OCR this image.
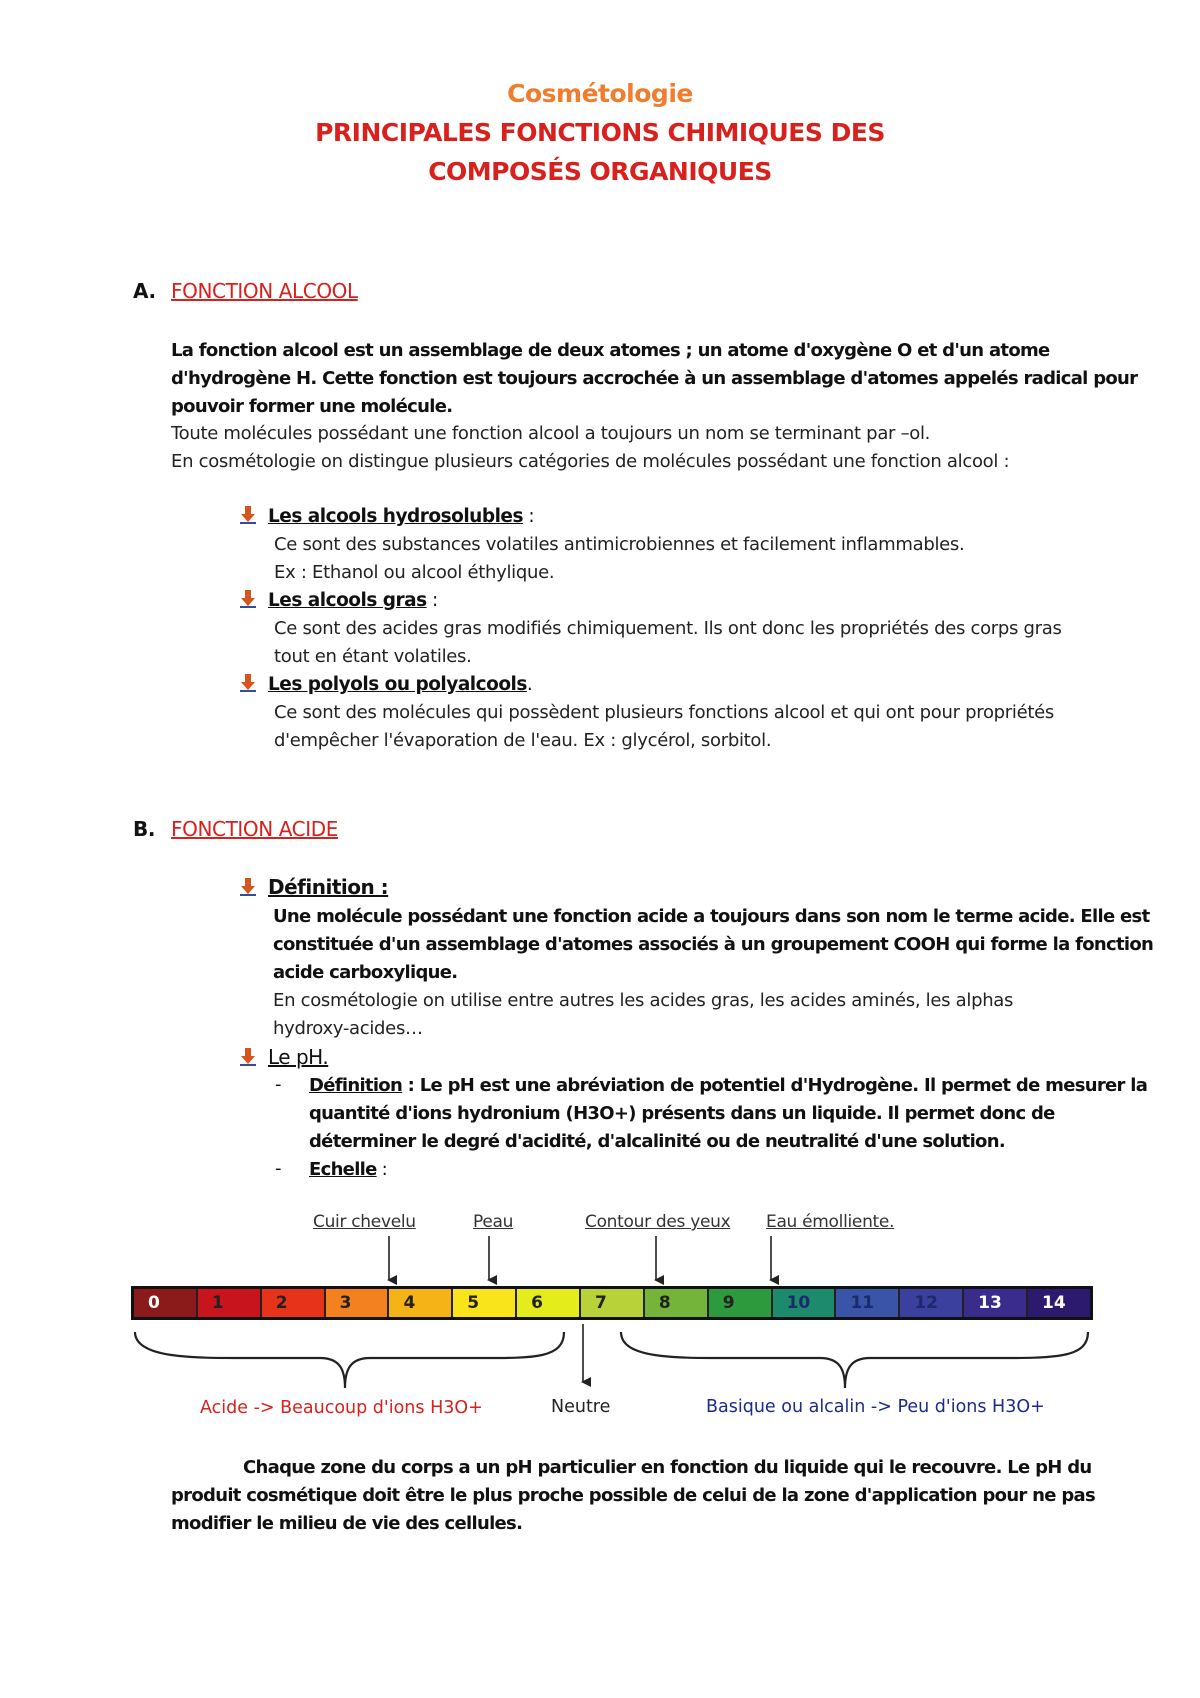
Cosmétologie
PRINCIPALES FONCTIONS CHIMIQUES DES
COMPOSÉS ORGANIQUES
A. FONCTION ALCOOL
La fonction alcool est un assemblage de deux atomes ; un atome d'oxygène O et d'un atome
d'hydrogène H. Cette fonction est toujours accrochée à un assemblage d'atomes appelés radical pour
pouvoir former une molécule.
Toute molécules possédant une fonction alcool a toujours un nom se terminant par –ol.
En cosmétologie on distingue plusieurs catégories de molécules possédant une fonction alcool :
Les alcools hydrosolubles :
Ce sont des substances volatiles antimicrobiennes et facilement inflammables.
Ex : Ethanol ou alcool éthylique.
Les alcools gras :
Ce sont des acides gras modifiés chimiquement. Ils ont donc les propriétés des corps gras
tout en étant volatiles.
Les polyols ou polyalcools.
Ce sont des molécules qui possèdent plusieurs fonctions alcool et qui ont pour propriétés
d'empêcher l'évaporation de l'eau. Ex : glycérol, sorbitol.
B. FONCTION ACIDE
Définition :
Une molécule possédant une fonction acide a toujours dans son nom le terme acide. Elle est
constituée d'un assemblage d'atomes associés à un groupement COOH qui forme la fonction
acide carboxylique.
En cosmétologie on utilise entre autres les acides gras, les acides aminés, les alphas
hydroxy-acides…
Le pH.
- Définition : Le pH est une abréviation de potentiel d'Hydrogène. Il permet de mesurer la
quantité d'ions hydronium (H3O+) présents dans un liquide. Il permet donc de
déterminer le degré d'acidité, d'alcalinité ou de neutralité d'une solution.
- Echelle :
Cuir chevelu	Peau	Contour des yeux Eau émolliente.
0	1	2	3	4	5	6	7	8	9	10	11	12	13	14
Acide -> Beaucoup d'ions H3O+	Neutre	Basique ou alcalin -> Peu d'ions H3O+
Chaque zone du corps a un pH particulier en fonction du liquide qui le recouvre. Le pH du
produit cosmétique doit être le plus proche possible de celui de la zone d'application pour ne pas
modifier le milieu de vie des cellules.
